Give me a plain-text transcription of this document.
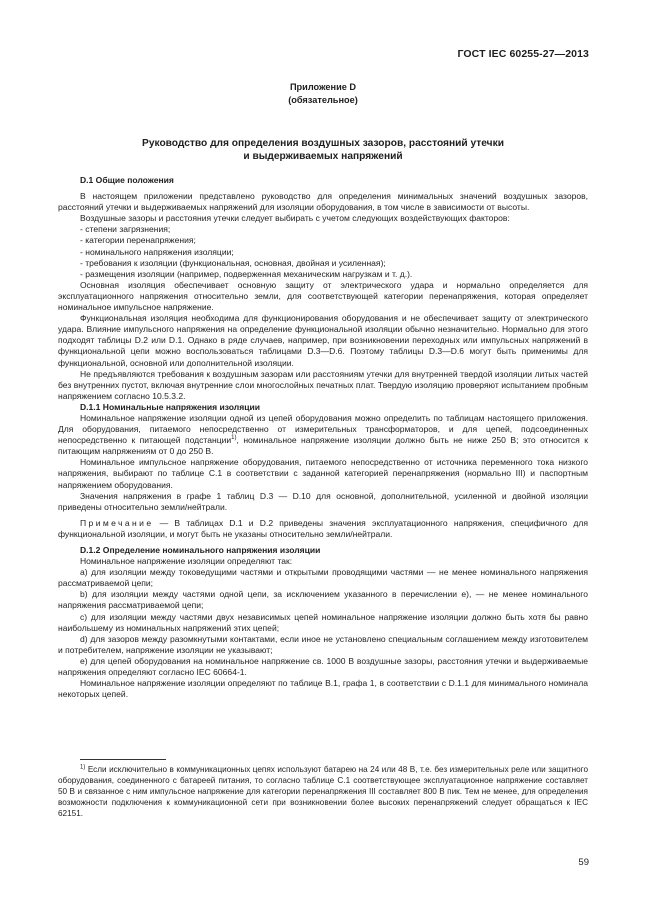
ГОСТ IEC 60255-27—2013
Приложение D
(обязательное)
Руководство для определения воздушных зазоров, расстояний утечки
и выдерживаемых напряжений

D.1 Общие положения

В настоящем приложении представлено руководство для определения минимальных значений воздушных зазоров, расстояний утечки и выдерживаемых напряжений для изоляции оборудования, в том числе в зависимости от высоты.

Воздушные зазоры и расстояния утечки следует выбирать с учетом следующих воздействующих факторов:

- степени загрязнения;

- категории перенапряжения;

- номинального напряжения изоляции;

- требования к изоляции (функциональная, основная, двойная и усиленная);

- размещения изоляции (например, подверженная механическим нагрузкам и т. д.).

Основная изоляция обеспечивает основную защиту от электрического удара и нормально определяется для эксплуатационного напряжения относительно земли, для соответствующей категории перенапряжения, которая определяет номинальное импульсное напряжение.

Функциональная изоляция необходима для функционирования оборудования и не обеспечивает защиту от электрического удара. Влияние импульсного напряжения на определение функциональной изоляции обычно незначительно. Нормально для этого подходят таблицы D.2 или D.1. Однако в ряде случаев, например, при возникновении переходных или импульсных напряжений в функциональной цепи можно воспользоваться таблицами D.3—D.6. Поэтому таблицы D.3—D.6 могут быть применимы для функциональной, основной или дополнительной изоляции.

Не предъявляются требования к воздушным зазорам или расстояниям утечки для внутренней твердой изоляции литых частей без внутренних пустот, включая внутренние слои многослойных печатных плат. Твердую изоляцию проверяют испытанием пробным напряжением согласно 10.5.3.2.

D.1.1 Номинальные напряжения изоляции

Номинальное напряжение изоляции одной из цепей оборудования можно определить по таблицам настоящего приложения. Для оборудования, питаемого непосредственно от измерительных трансформаторов, и для цепей, подсоединенных непосредственно к питающей подстанции$^{1)}$, номинальное напряжение изоляции должно быть не ниже 250 В; это относится к питающим напряжениям от 0 до 250 В.

Номинальное импульсное напряжение оборудования, питаемого непосредственно от источника переменного тока низкого напряжения, выбирают по таблице С.1 в соответствии с заданной категорией перенапряжения (нормально III) и паспортным напряжением оборудования.

Значения напряжения в графе 1 таблиц D.3 — D.10 для основной, дополнительной, усиленной и двойной изоляции приведены относительно земли/нейтрали.

Примечание — В таблицах D.1 и D.2 приведены значения эксплуатационного напряжения, специфичного для функциональной изоляции, и могут быть не указаны относительно земли/нейтрали.

D.1.2 Определение номинального напряжения изоляции

Номинальное напряжение изоляции определяют так:

a) для изоляции между токоведущими частями и открытыми проводящими частями — не менее номинального напряжения рассматриваемой цепи;

b) для изоляции между частями одной цепи, за исключением указанного в перечислении e), — не менее номинального напряжения рассматриваемой цепи;

c) для изоляции между частями двух независимых цепей номинальное напряжение изоляции должно быть хотя бы равно наибольшему из номинальных напряжений этих цепей;

d) для зазоров между разомкнутыми контактами, если иное не установлено специальным соглашением между изготовителем и потребителем, напряжение изоляции не указывают;

e) для цепей оборудования на номинальное напряжение св. 1000 В воздушные зазоры, расстояния утечки и выдерживаемые напряжения определяют согласно IEC 60664-1.

Номинальное напряжение изоляции определяют по таблице В.1, графа 1, в соответствии с D.1.1 для минимального номинала некоторых цепей.

$^{1)}$ Если исключительно в коммуникационных цепях используют батарею на 24 или 48 В, т.е. без измерительных реле или защитного оборудования, соединенного с батареей питания, то согласно таблице С.1 соответствующее эксплуатационное напряжение составляет 50 В и связанное с ним импульсное напряжение для категории перенапряжения III составляет 800 В пик. Тем не менее, для определения возможности подключения к коммуникационной сети при возникновении более высоких перенапряжений следует обращаться к IEC 62151.

59
